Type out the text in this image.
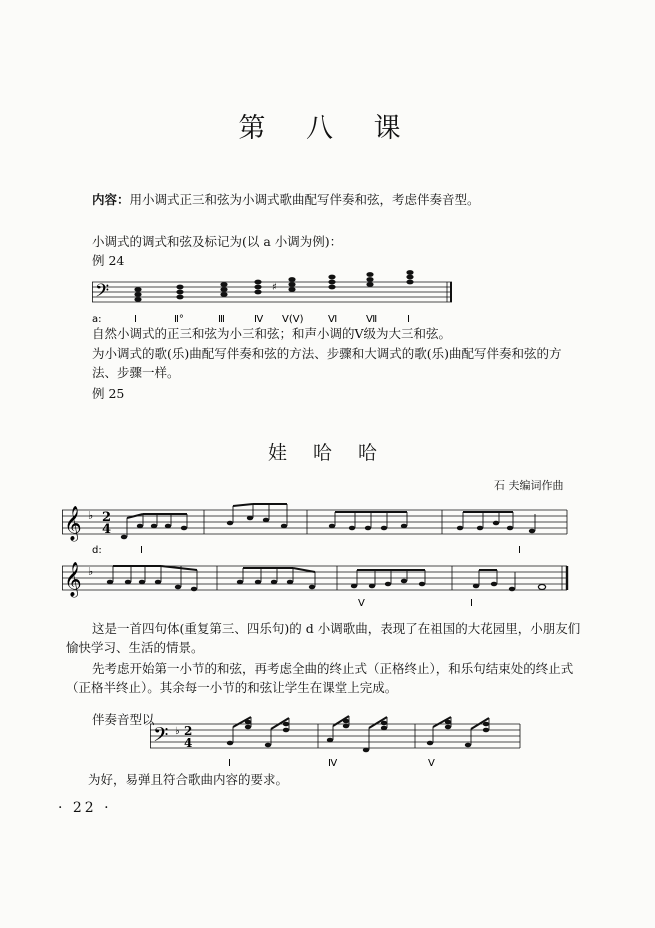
第 八 课
内容：用小调式正三和弦为小调式歌曲配写伴奏和弦，考虑伴奏音型。
小调式的调式和弦及标记为(以 a 小调为例)：
例 24
𝄢	♯
a:	Ⅰ	Ⅱ°	Ⅲ	Ⅳ Ⅴ(Ⅴ) Ⅵ	Ⅶ	Ⅰ
自然小调式的正三和弦为小三和弦；和声小调的Ⅴ级为大三和弦。
为小调式的歌(乐)曲配写伴奏和弦的方法、步骤和大调式的歌(乐)曲配写伴奏和弦的方
法、步骤一样。
例 25
娃 哈 哈
石 夫编词作曲
𝄞 ♭ 2
4
d:	Ⅰ	Ⅰ
𝄞 ♭
Ⅴ	Ⅰ
这是一首四句体(重复第三、四乐句)的 d 小调歌曲，表现了在祖国的大花园里，小朋友们
愉快学习、生活的情景。
先考虑开始第一小节的和弦，再考虑全曲的终止式（正格终止），和乐句结束处的终止式
（正格半终止）。其余每一小节的和弦让学生在课堂上完成。
伴奏音型以
𝄢 ♭ 2
4
Ⅰ	Ⅳ	Ⅴ
为好，易弹且符合歌曲内容的要求。
· 22 ·
